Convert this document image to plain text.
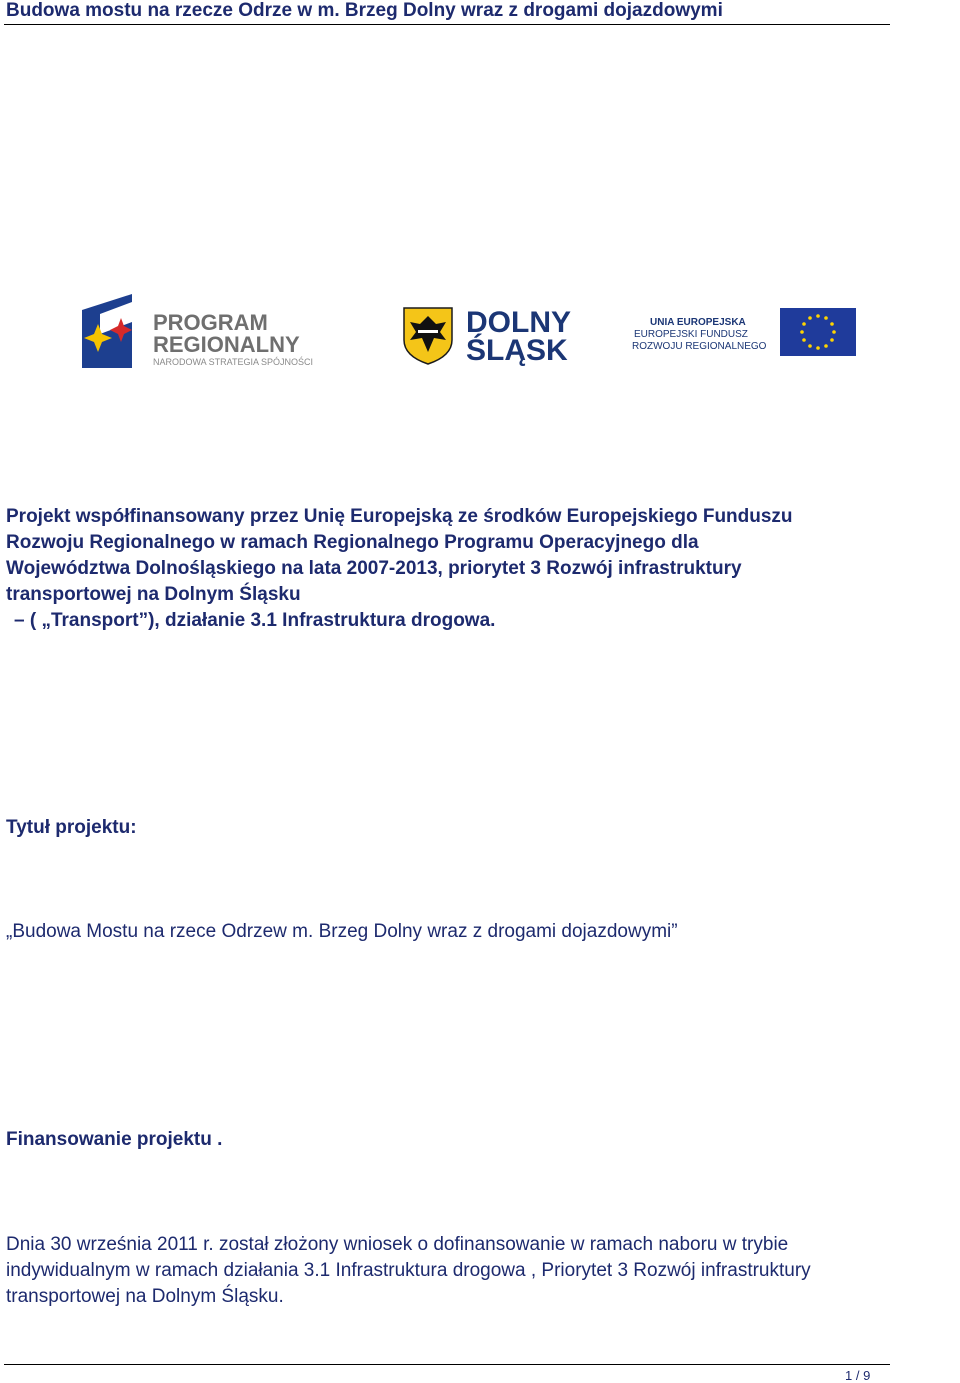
Budowa mostu na rzecze Odrze w m. Brzeg Dolny wraz z drogami dojazdowymi
PROGRAM
REGIONALNY
NARODOWA STRATEGIA SPÓJNOŚCI
DOLNY
ŚLĄSK
UNIA EUROPEJSKA
EUROPEJSKI FUNDUSZ
ROZWOJU REGIONALNEGO
Projekt współfinansowany przez Unię Europejską ze środków Europejskiego Funduszu
Rozwoju Regionalnego w ramach Regionalnego Programu Operacyjnego dla
Województwa Dolnośląskiego na lata 2007-2013, priorytet 3 Rozwój infrastruktury
transportowej na Dolnym Śląsku
– ( „Transport”), działanie 3.1 Infrastruktura drogowa.
Tytuł projektu:
„Budowa Mostu na rzece Odrzew m. Brzeg Dolny wraz z drogami dojazdowymi”
Finansowanie projektu .
Dnia 30 września 2011 r. został złożony wniosek o dofinansowanie w ramach naboru w trybie
indywidualnym w ramach działania 3.1 Infrastruktura drogowa , Priorytet 3 Rozwój infrastruktury
transportowej na Dolnym Śląsku.
1 / 9
